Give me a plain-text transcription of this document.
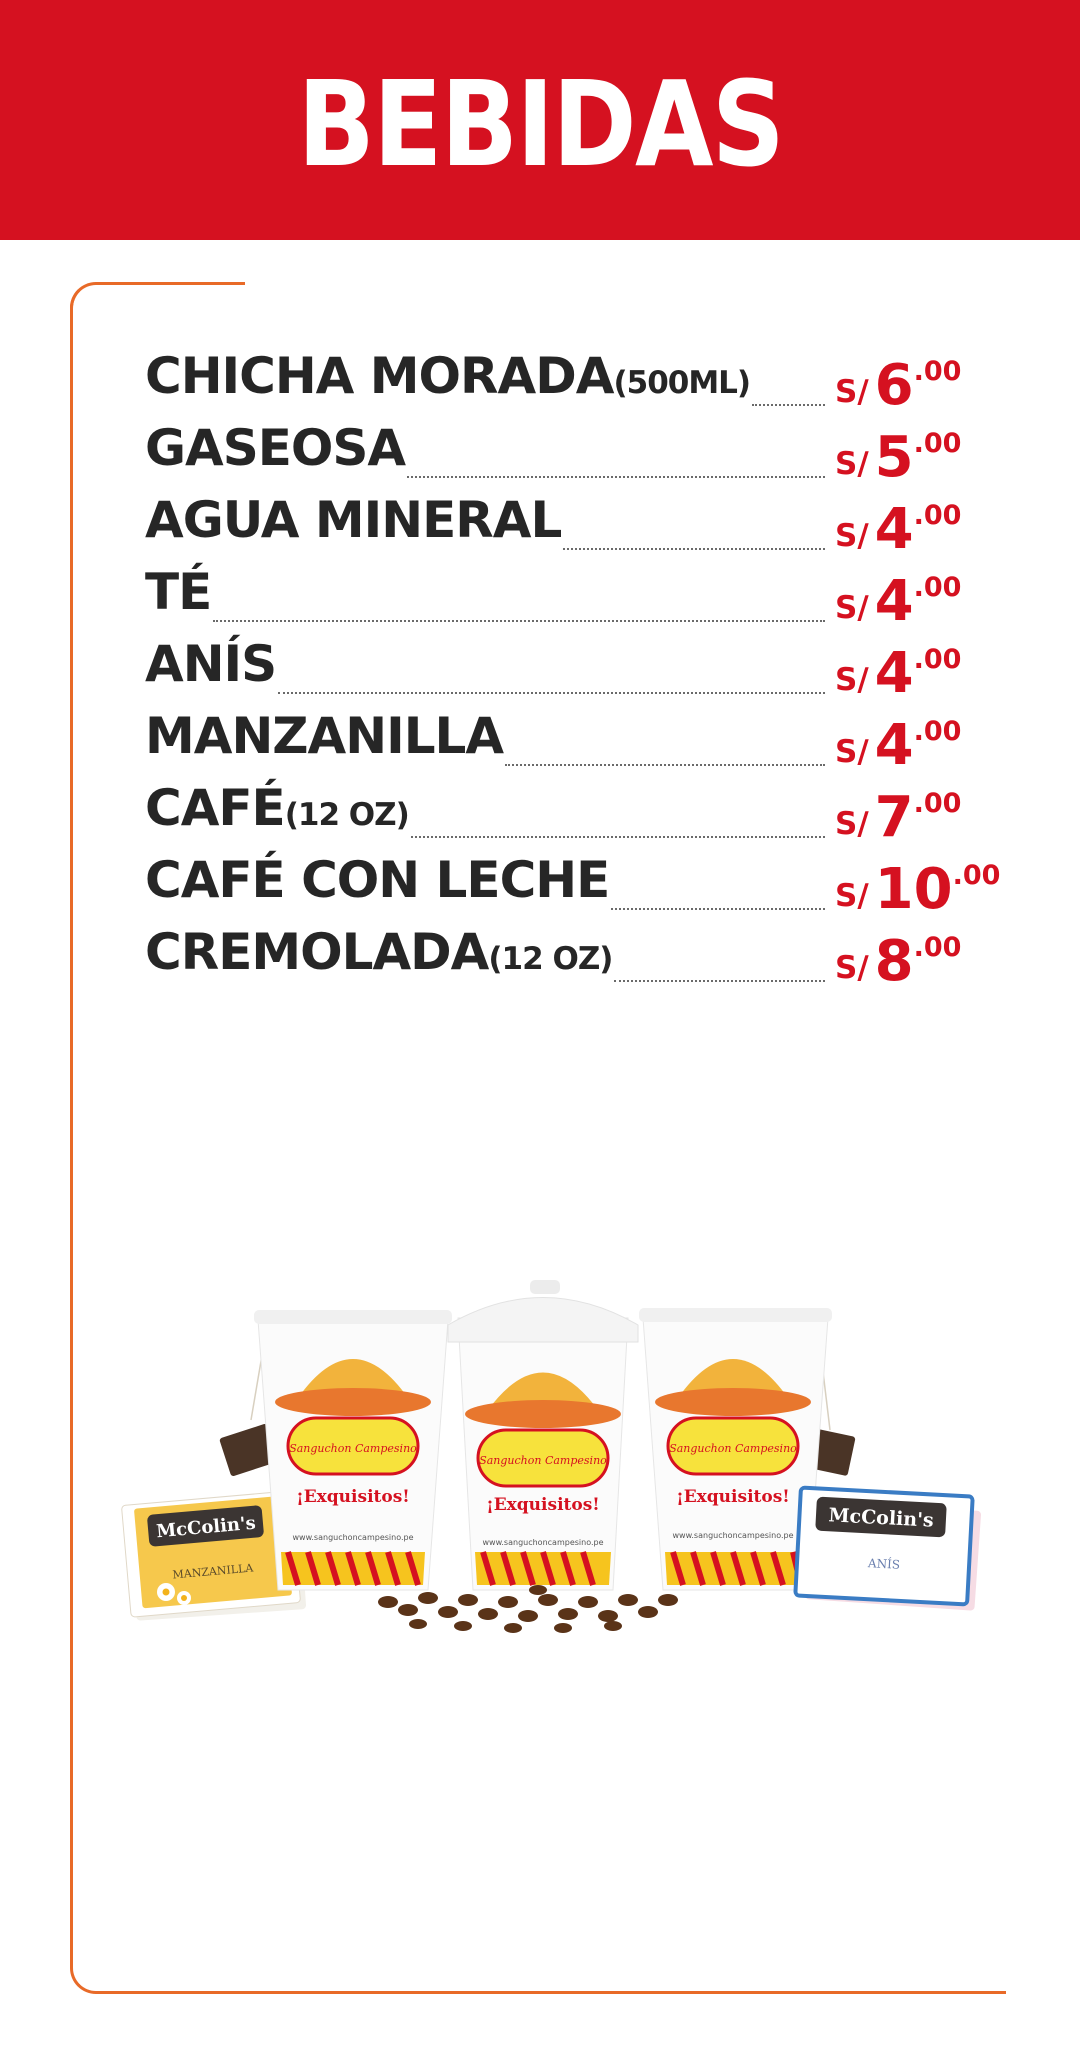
BEBIDAS
CHICHA MORADA(500ML)	S/ 6 .00
GASEOSA	S/ 5 .00
AGUA MINERAL	S/ 4 .00
TÉ	S/ 4 .00
ANÍS	S/ 4 .00
MANZANILLA	S/ 4 .00
CAFÉ(12 OZ)	S/ 7 .00
CAFÉ CON LECHE	S/ 10 .00
CREMOLADA(12 OZ)	S/ 8 .00
McColin's
MANZANILLA
Sanguchon Campesino
¡Exquisitos!
www.sanguchoncampesino.pe
Sanguchon Campesino
¡Exquisitos!
www.sanguchoncampesino.pe
Sanguchon Campesino
¡Exquisitos!
www.sanguchoncampesino.pe
McColin's
ANÍS
